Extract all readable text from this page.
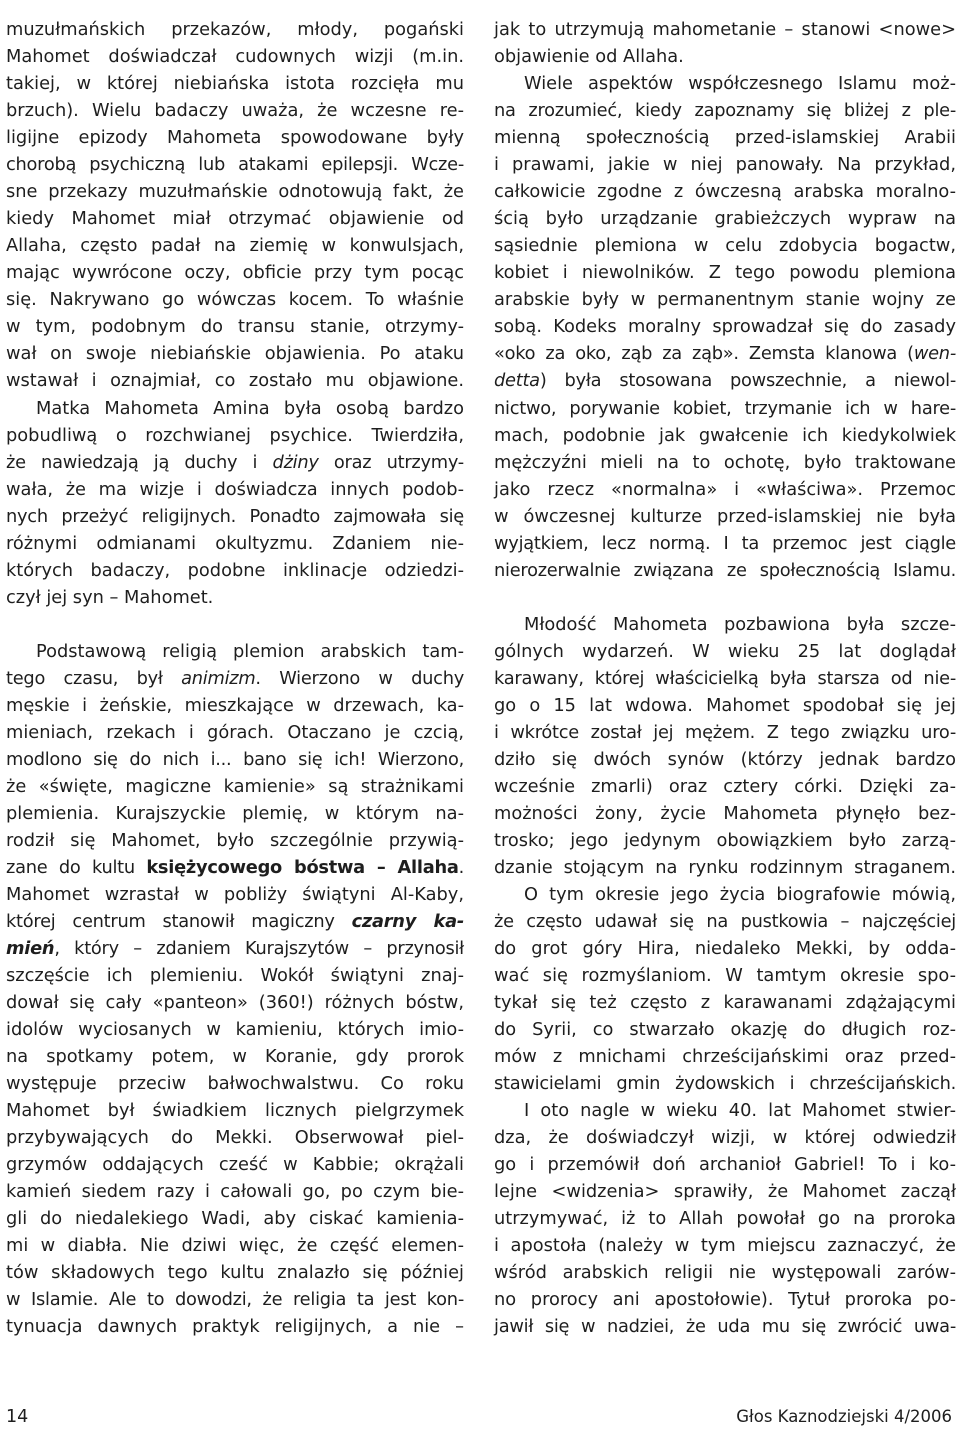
muzułmańskich przekazów, młody, pogański
Mahomet doświadczał cudownych wizji (m.in.
takiej, w której niebiańska istota rozcięła mu
brzuch). Wielu badaczy uważa, że wczesne re-
ligijne epizody Mahometa spowodowane były
chorobą psychiczną lub atakami epilepsji. Wcze-
sne przekazy muzułmańskie odnotowują fakt, że
kiedy Mahomet miał otrzymać objawienie od
Allaha, często padał na ziemię w konwulsjach,
mając wywrócone oczy, obficie przy tym pocąc
się. Nakrywano go wówczas kocem. To właśnie
w tym, podobnym do transu stanie, otrzymy-
wał on swoje niebiańskie objawienia. Po ataku
wstawał i oznajmiał, co zostało mu objawione.
Matka Mahometa Amina była osobą bardzo
pobudliwą o rozchwianej psychice. Twierdziła,
że nawiedzają ją duchy i dżiny oraz utrzymy-
wała, że ma wizje i doświadcza innych podob-
nych przeżyć religijnych. Ponadto zajmowała się
różnymi odmianami okultyzmu. Zdaniem nie-
których badaczy, podobne inklinacje odziedzi-
czył jej syn – Mahomet.
Podstawową religią plemion arabskich tam-
tego czasu, był animizm. Wierzono w duchy
męskie i żeńskie, mieszkające w drzewach, ka-
mieniach, rzekach i górach. Otaczano je czcią,
modlono się do nich i... bano się ich! Wierzono,
że «święte, magiczne kamienie» są strażnikami
plemienia. Kurajszyckie plemię, w którym na-
rodził się Mahomet, było szczególnie przywią-
zane do kultu księżycowego bóstwa – Allaha.
Mahomet wzrastał w pobliży świątyni Al-Kaby,
której centrum stanowił magiczny czarny ka-
mień, który – zdaniem Kurajszytów – przynosił
szczęście ich plemieniu. Wokół świątyni znaj-
dował się cały «panteon» (360!) różnych bóstw,
idolów wyciosanych w kamieniu, których imio-
na spotkamy potem, w Koranie, gdy prorok
występuje przeciw bałwochwalstwu. Co roku
Mahomet był świadkiem licznych pielgrzymek
przybywających do Mekki. Obserwował piel-
grzymów oddających cześć w Kabbie; okrążali
kamień siedem razy i całowali go, po czym bie-
gli do niedalekiego Wadi, aby ciskać kamienia-
mi w diabła. Nie dziwi więc, że część elemen-
tów składowych tego kultu znalazło się później
w Islamie. Ale to dowodzi, że religia ta jest kon-
tynuacja dawnych praktyk religijnych, a nie –
jak to utrzymują mahometanie – stanowi <nowe>
objawienie od Allaha.
Wiele aspektów współczesnego Islamu moż-
na zrozumieć, kiedy zapoznamy się bliżej z ple-
mienną społecznością przed-islamskiej Arabii
i prawami, jakie w niej panowały. Na przykład,
całkowicie zgodne z ówczesną arabska moralno-
ścią było urządzanie grabieżczych wypraw na
sąsiednie plemiona w celu zdobycia bogactw,
kobiet i niewolników. Z tego powodu plemiona
arabskie były w permanentnym stanie wojny ze
sobą. Kodeks moralny sprowadzał się do zasady
«oko za oko, ząb za ząb». Zemsta klanowa (wen-
detta) była stosowana powszechnie, a niewol-
nictwo, porywanie kobiet, trzymanie ich w hare-
mach, podobnie jak gwałcenie ich kiedykolwiek
mężczyźni mieli na to ochotę, było traktowane
jako rzecz «normalna» i «właściwa». Przemoc
w ówczesnej kulturze przed-islamskiej nie była
wyjątkiem, lecz normą. I ta przemoc jest ciągle
nierozerwalnie związana ze społecznością Islamu.
Młodość Mahometa pozbawiona była szcze-
gólnych wydarzeń. W wieku 25 lat doglądał
karawany, której właścicielką była starsza od nie-
go o 15 lat wdowa. Mahomet spodobał się jej
i wkrótce został jej mężem. Z tego związku uro-
dziło się dwóch synów (którzy jednak bardzo
wcześnie zmarli) oraz cztery córki. Dzięki za-
możności żony, życie Mahometa płynęło bez-
trosko; jego jedynym obowiązkiem było zarzą-
dzanie stojącym na rynku rodzinnym straganem.
O tym okresie jego życia biografowie mówią,
że często udawał się na pustkowia – najczęściej
do grot góry Hira, niedaleko Mekki, by odda-
wać się rozmyślaniom. W tamtym okresie spo-
tykał się też często z karawanami zdążającymi
do Syrii, co stwarzało okazję do długich roz-
mów z mnichami chrześcijańskimi oraz przed-
stawicielami gmin żydowskich i chrześcijańskich.
I oto nagle w wieku 40. lat Mahomet stwier-
dza, że doświadczył wizji, w której odwiedził
go i przemówił doń archanioł Gabriel! To i ko-
lejne <widzenia> sprawiły, że Mahomet zaczął
utrzymywać, iż to Allah powołał go na proroka
i apostoła (należy w tym miejscu zaznaczyć, że
wśród arabskich religii nie występowali zarów-
no prorocy ani apostołowie). Tytuł proroka po-
jawił się w nadziei, że uda mu się zwrócić uwa-
14	Głos Kaznodziejski 4/2006
